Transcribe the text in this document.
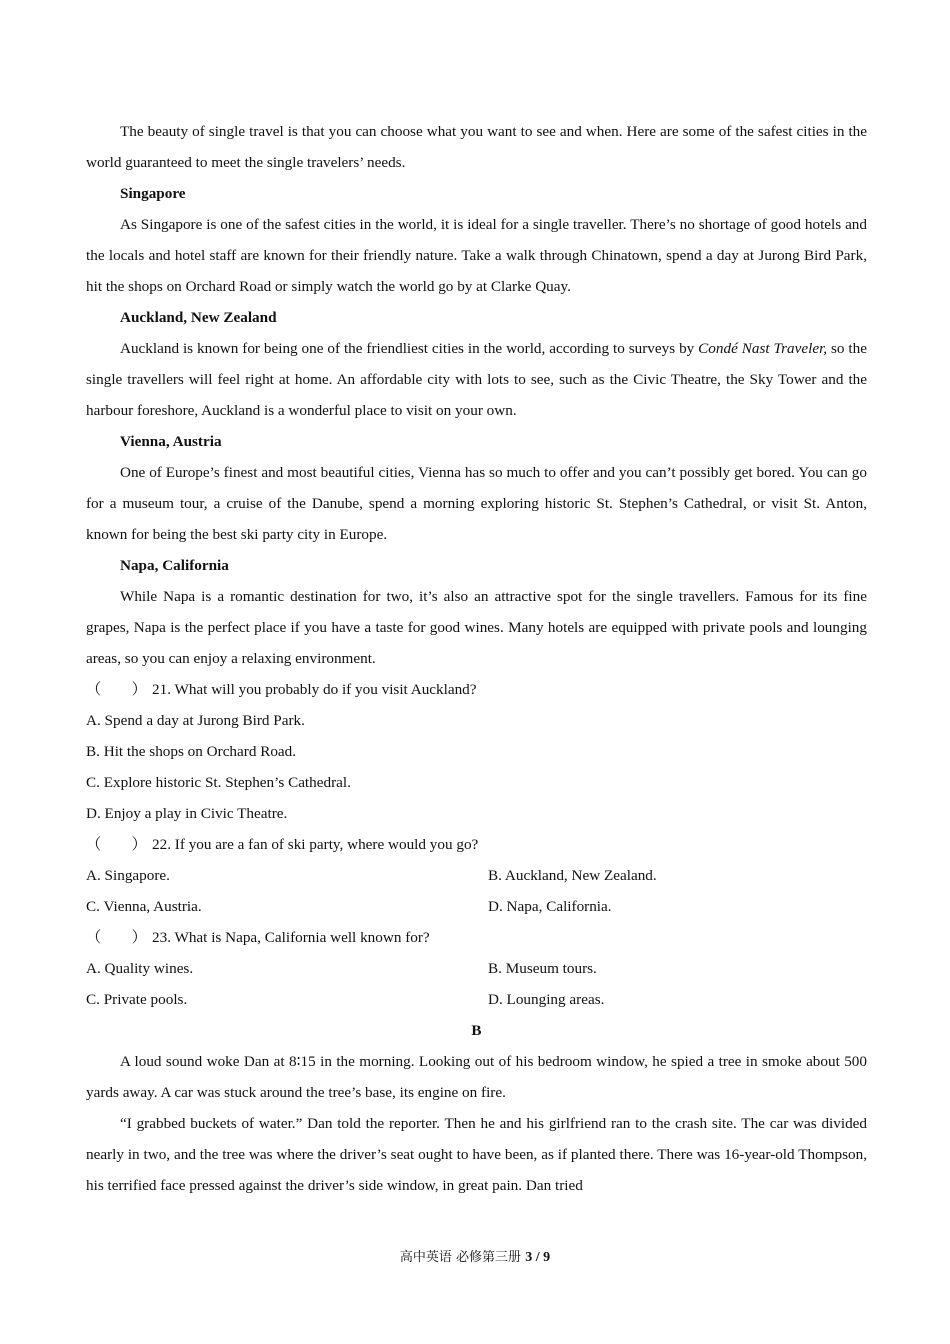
The beauty of single travel is that you can choose what you want to see and when. Here are some of the safest cities in the world guaranteed to meet the single travelers’ needs.
Singapore
As Singapore is one of the safest cities in the world, it is ideal for a single traveller. There’s no shortage of good hotels and the locals and hotel staff are known for their friendly nature. Take a walk through Chinatown, spend a day at Jurong Bird Park, hit the shops on Orchard Road or simply watch the world go by at Clarke Quay.
Auckland, New Zealand
Auckland is known for being one of the friendliest cities in the world, according to surveys by Condé Nast Traveler, so the single travellers will feel right at home. An affordable city with lots to see, such as the Civic Theatre, the Sky Tower and the harbour foreshore, Auckland is a wonderful place to visit on your own.
Vienna, Austria
One of Europe’s finest and most beautiful cities, Vienna has so much to offer and you can’t possibly get bored. You can go for a museum tour, a cruise of the Danube, spend a morning exploring historic St. Stephen’s Cathedral, or visit St. Anton, known for being the best ski party city in Europe.
Napa, California
While Napa is a romantic destination for two, it’s also an attractive spot for the single travellers. Famous for its fine grapes, Napa is the perfect place if you have a taste for good wines. Many hotels are equipped with private pools and lounging areas, so you can enjoy a relaxing environment.
（　　） 21. What will you probably do if you visit Auckland?
A. Spend a day at Jurong Bird Park.
B. Hit the shops on Orchard Road.
C. Explore historic St. Stephen’s Cathedral.
D. Enjoy a play in Civic Theatre.
（　　） 22. If you are a fan of ski party, where would you go?
A. Singapore.	B. Auckland, New Zealand.
C. Vienna, Austria.	D. Napa, California.
（　　） 23. What is Napa, California well known for?
A. Quality wines.	B. Museum tours.
C. Private pools.	D. Lounging areas.
B
A loud sound woke Dan at 8∶15 in the morning. Looking out of his bedroom window, he spied a tree in smoke about 500 yards away. A car was stuck around the tree’s base, its engine on fire.
“I grabbed buckets of water.” Dan told the reporter. Then he and his girlfriend ran to the crash site. The car was divided nearly in two, and the tree was where the driver’s seat ought to have been, as if planted there. There was 16-year-old Thompson, his terrified face pressed against the driver’s side window, in great pain. Dan tried
高中英语 必修第三册 3 / 9
